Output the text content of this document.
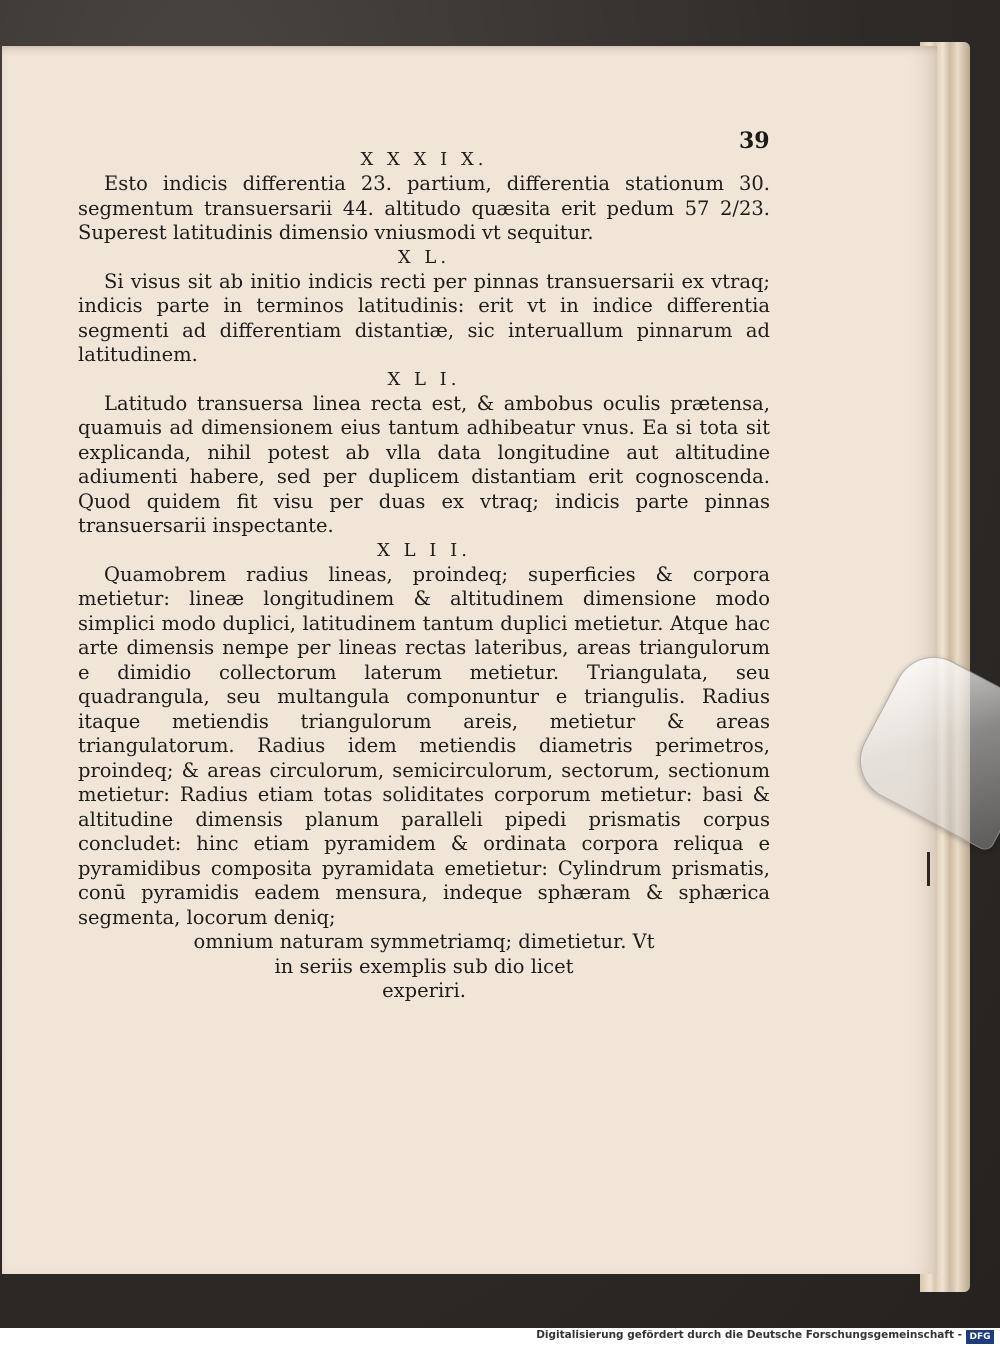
39
X X X I X.

Esto indicis differentia 23. partium, differentia stationum 30. segmentum transuersarii 44. altitudo quæsita erit pedum 57 2/23. Superest latitudinis dimensio vniusmodi vt sequitur.

X L.

Si visus sit ab initio indicis recti per pinnas transuersarii ex vtraq; indicis parte in terminos latitudinis: erit vt in indice differentia segmenti ad differentiam distantiæ, sic interuallum pinnarum ad latitudinem.

X L I.

Latitudo transuersa linea recta est, & ambobus oculis prætensa, quamuis ad dimensionem eius tantum adhibeatur vnus. Ea si tota sit explicanda, nihil potest ab vlla data longitudine aut altitudine adiumenti habere, sed per duplicem distantiam erit cognoscenda. Quod quidem fit visu per duas ex vtraq; indicis parte pinnas transuersarii inspectante.

X L I I.

Quamobrem radius lineas, proindeq; superficies & corpora metietur: lineæ longitudinem & altitudinem dimensione modo simplici modo duplici, latitudinem tantum duplici metietur. Atque hac arte dimensis nempe per lineas rectas lateribus, areas triangulorum e dimidio collectorum laterum metietur. Triangulata, seu quadrangula, seu multangula componuntur e triangulis. Radius itaque metiendis triangulorum areis, metietur & areas triangulatorum. Radius idem metiendis diametris perimetros, proindeq; & areas circulorum, semicirculorum, sectorum, sectionum metietur: Radius etiam totas soliditates corporum metietur: basi & altitudine dimensis planum paralleli pipedi prismatis corpus concludet: hinc etiam pyramidem & ordinata corpora reliqua e pyramidibus composita pyramidata emetietur: Cylindrum prismatis, conū pyramidis eadem mensura, indeque sphæram & sphærica segmenta, locorum deniq;

omnium naturam symmetriamq; dimetietur. Vt
in seriis exemplis sub dio licet
experiri.

Digitalisierung gefördert durch die Deutsche Forschungsgemeinschaft - DFG
